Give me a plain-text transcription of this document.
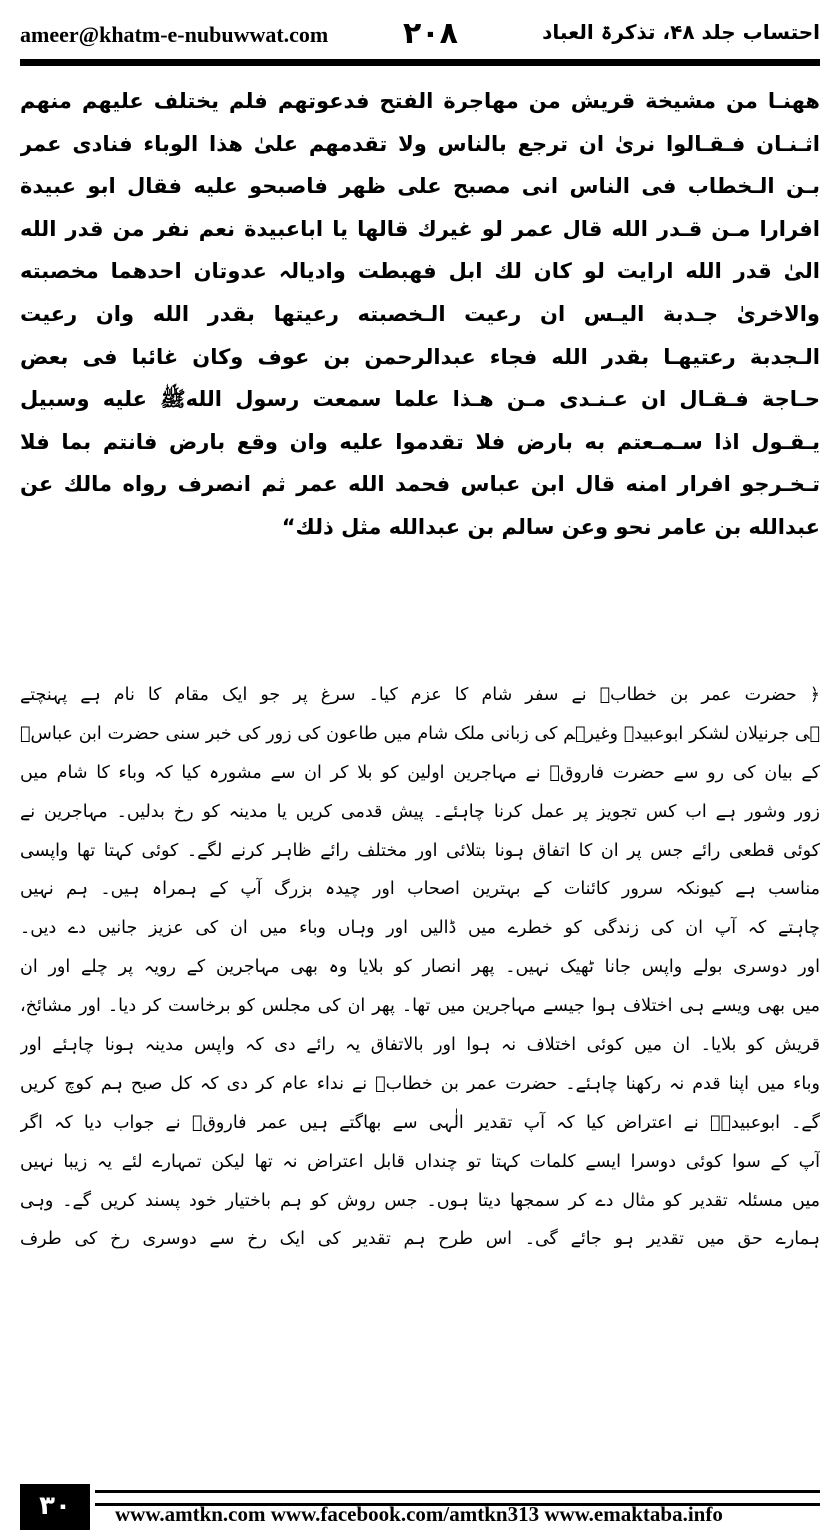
ameer@khatm-e-nubuwwat.com ۲۰۸	احتساب جلد ۴۸، تذکرۃ العباد
ههنـا من مشيخة قريش من مهاجرة الفتح فدعوتهم فلم يختلف عليهم منهم
اثـنـان فـقـالوا نرىٰ ان ترجع بالناس ولا تقدمهم علىٰ هذا الوباء فنادى عمر
بـن الـخطاب فى الناس انى مصبح على ظهر فاصبحو عليه فقال ابو عبيدة
افرارا مـن قـدر الله قال عمر لو غيرك قالها يا اباعبيدة نعم نفر من قدر الله
الىٰ قدر الله ارايت لو كان لك ابل فهبطت واديالہ عدوتان احدهما مخصبته
والاخرىٰ جـدبة اليـس ان رعيت الـخصبته رعيتها بقدر الله وان رعيت
الـجدبة رعتيهـا بقدر الله فجاء عبدالرحمن بن عوف وكان غائبا فى بعض
حـاجة فـقـال ان عـنـدى مـن هـذا علما سمعت رسول اللهﷺ عليه وسبيل
يـقـول اذا سـمـعتم به بارض فلا تقدموا عليه وان وقع بارض فانتم بما فلا
تـخـرجو افرار امنه قال ابن عباس فحمد الله عمر ثم انصرف رواه مالك عن
عبدالله بن عامر نحو وعن سالم بن عبدالله مثل ذلك“
﴿ حضرت عمر بن خطابؓ نے سفر شام کا عزم کیا۔ سرغ پر جو ایک مقام کا نام ہے پہنچتے
ہی جرنیلان لشکر ابوعبیدہ وغیرہم کی زبانی ملک شام میں طاعون کی زور کی خبر سنی حضرت ابن عباسؓ
کے بیان کی رو سے حضرت فاروقؓ نے مہاجرین اولین کو بلا کر ان سے مشورہ کیا کہ وباء کا شام میں
زور وشور ہے اب کس تجویز پر عمل کرنا چاہئے۔ پیش قدمی کریں یا مدینہ کو رخ بدلیں۔ مہاجرین نے
کوئی قطعی رائے جس پر ان کا اتفاق ہونا بتلائی اور مختلف رائے ظاہر کرنے لگے۔ کوئی کہتا تھا واپسی
مناسب ہے کیونکہ سرور کائنات کے بہترین اصحاب اور چیدہ بزرگ آپ کے ہمراہ ہیں۔ ہم نہیں
چاہتے کہ آپ ان کی زندگی کو خطرے میں ڈالیں اور وہاں وباء میں ان کی عزیز جانیں دے دیں۔
اور دوسری بولے واپس جانا ٹھیک نہیں۔ پھر انصار کو بلایا وہ بھی مہاجرین کے رویہ پر چلے اور ان
میں بھی ویسے ہی اختلاف ہوا جیسے مہاجرین میں تھا۔ پھر ان کی مجلس کو برخاست کر دیا۔ اور مشائخ،
قریش کو بلایا۔ ان میں کوئی اختلاف نہ ہوا اور بالاتفاق یہ رائے دی کہ واپس مدینہ ہونا چاہئے اور
وباء میں اپنا قدم نہ رکھنا چاہئے۔ حضرت عمر بن خطابؓ نے نداء عام کر دی کہ کل صبح ہم کوچ کریں
گے۔ ابوعبیدہؓ نے اعتراض کیا کہ آپ تقدیر الٰہی سے بھاگتے ہیں عمر فاروقؓ نے جواب دیا کہ اگر
آپ کے سوا کوئی دوسرا ایسے کلمات کہتا تو چنداں قابل اعتراض نہ تھا لیکن تمہارے لئے یہ زیبا نہیں
میں مسئلہ تقدیر کو مثال دے کر سمجھا دیتا ہوں۔ جس روش کو ہم باختیار خود پسند کریں گے۔ وہی
ہمارے حق میں تقدیر ہو جائے گی۔ اس طرح ہم تقدیر کی ایک رخ سے دوسری رخ کی طرف
۳۰	www.amtkn.com www.facebook.com/amtkn313 www.emaktaba.info
